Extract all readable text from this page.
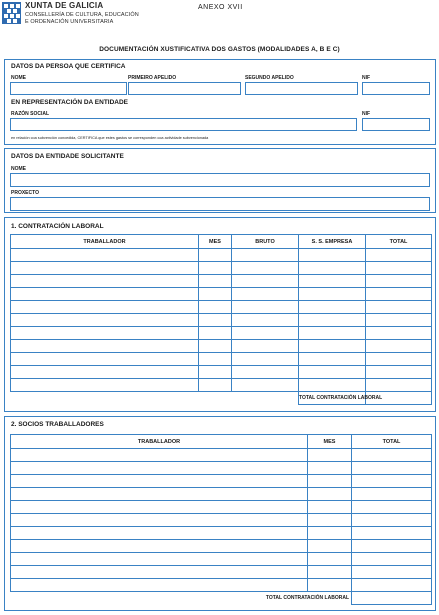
XUNTA DE GALICIA
CONSELLERÍA DE CULTURA, EDUCACIÓN
E ORDENACIÓN UNIVERSITARIA
ANEXO XVII
DOCUMENTACIÓN XUSTIFICATIVA DOS GASTOS (MODALIDADES A, B E C)
DATOS DA PERSOA QUE CERTIFICA
NOME	PRIMEIRO APELIDO	SEGUNDO APELIDO	NIF
EN REPRESENTACIÓN DA ENTIDADE
RAZÓN SOCIAL	NIF
en relación coa subvención concedida, CERTIFICA que estes gastos se corresponden coa actividade subvencionada
DATOS DA ENTIDADE SOLICITANTE
NOME
PROXECTO
1. CONTRATACIÓN LABORAL
TRABALLADOR	MES	BRUTO	S. S. EMPRESA	TOTAL

			TOTAL CONTRATACIÓN LABORAL	
2. SOCIOS TRABALLADORES
TRABALLADOR	MES	TOTAL

TOTAL CONTRATACIÓN LABORAL		
